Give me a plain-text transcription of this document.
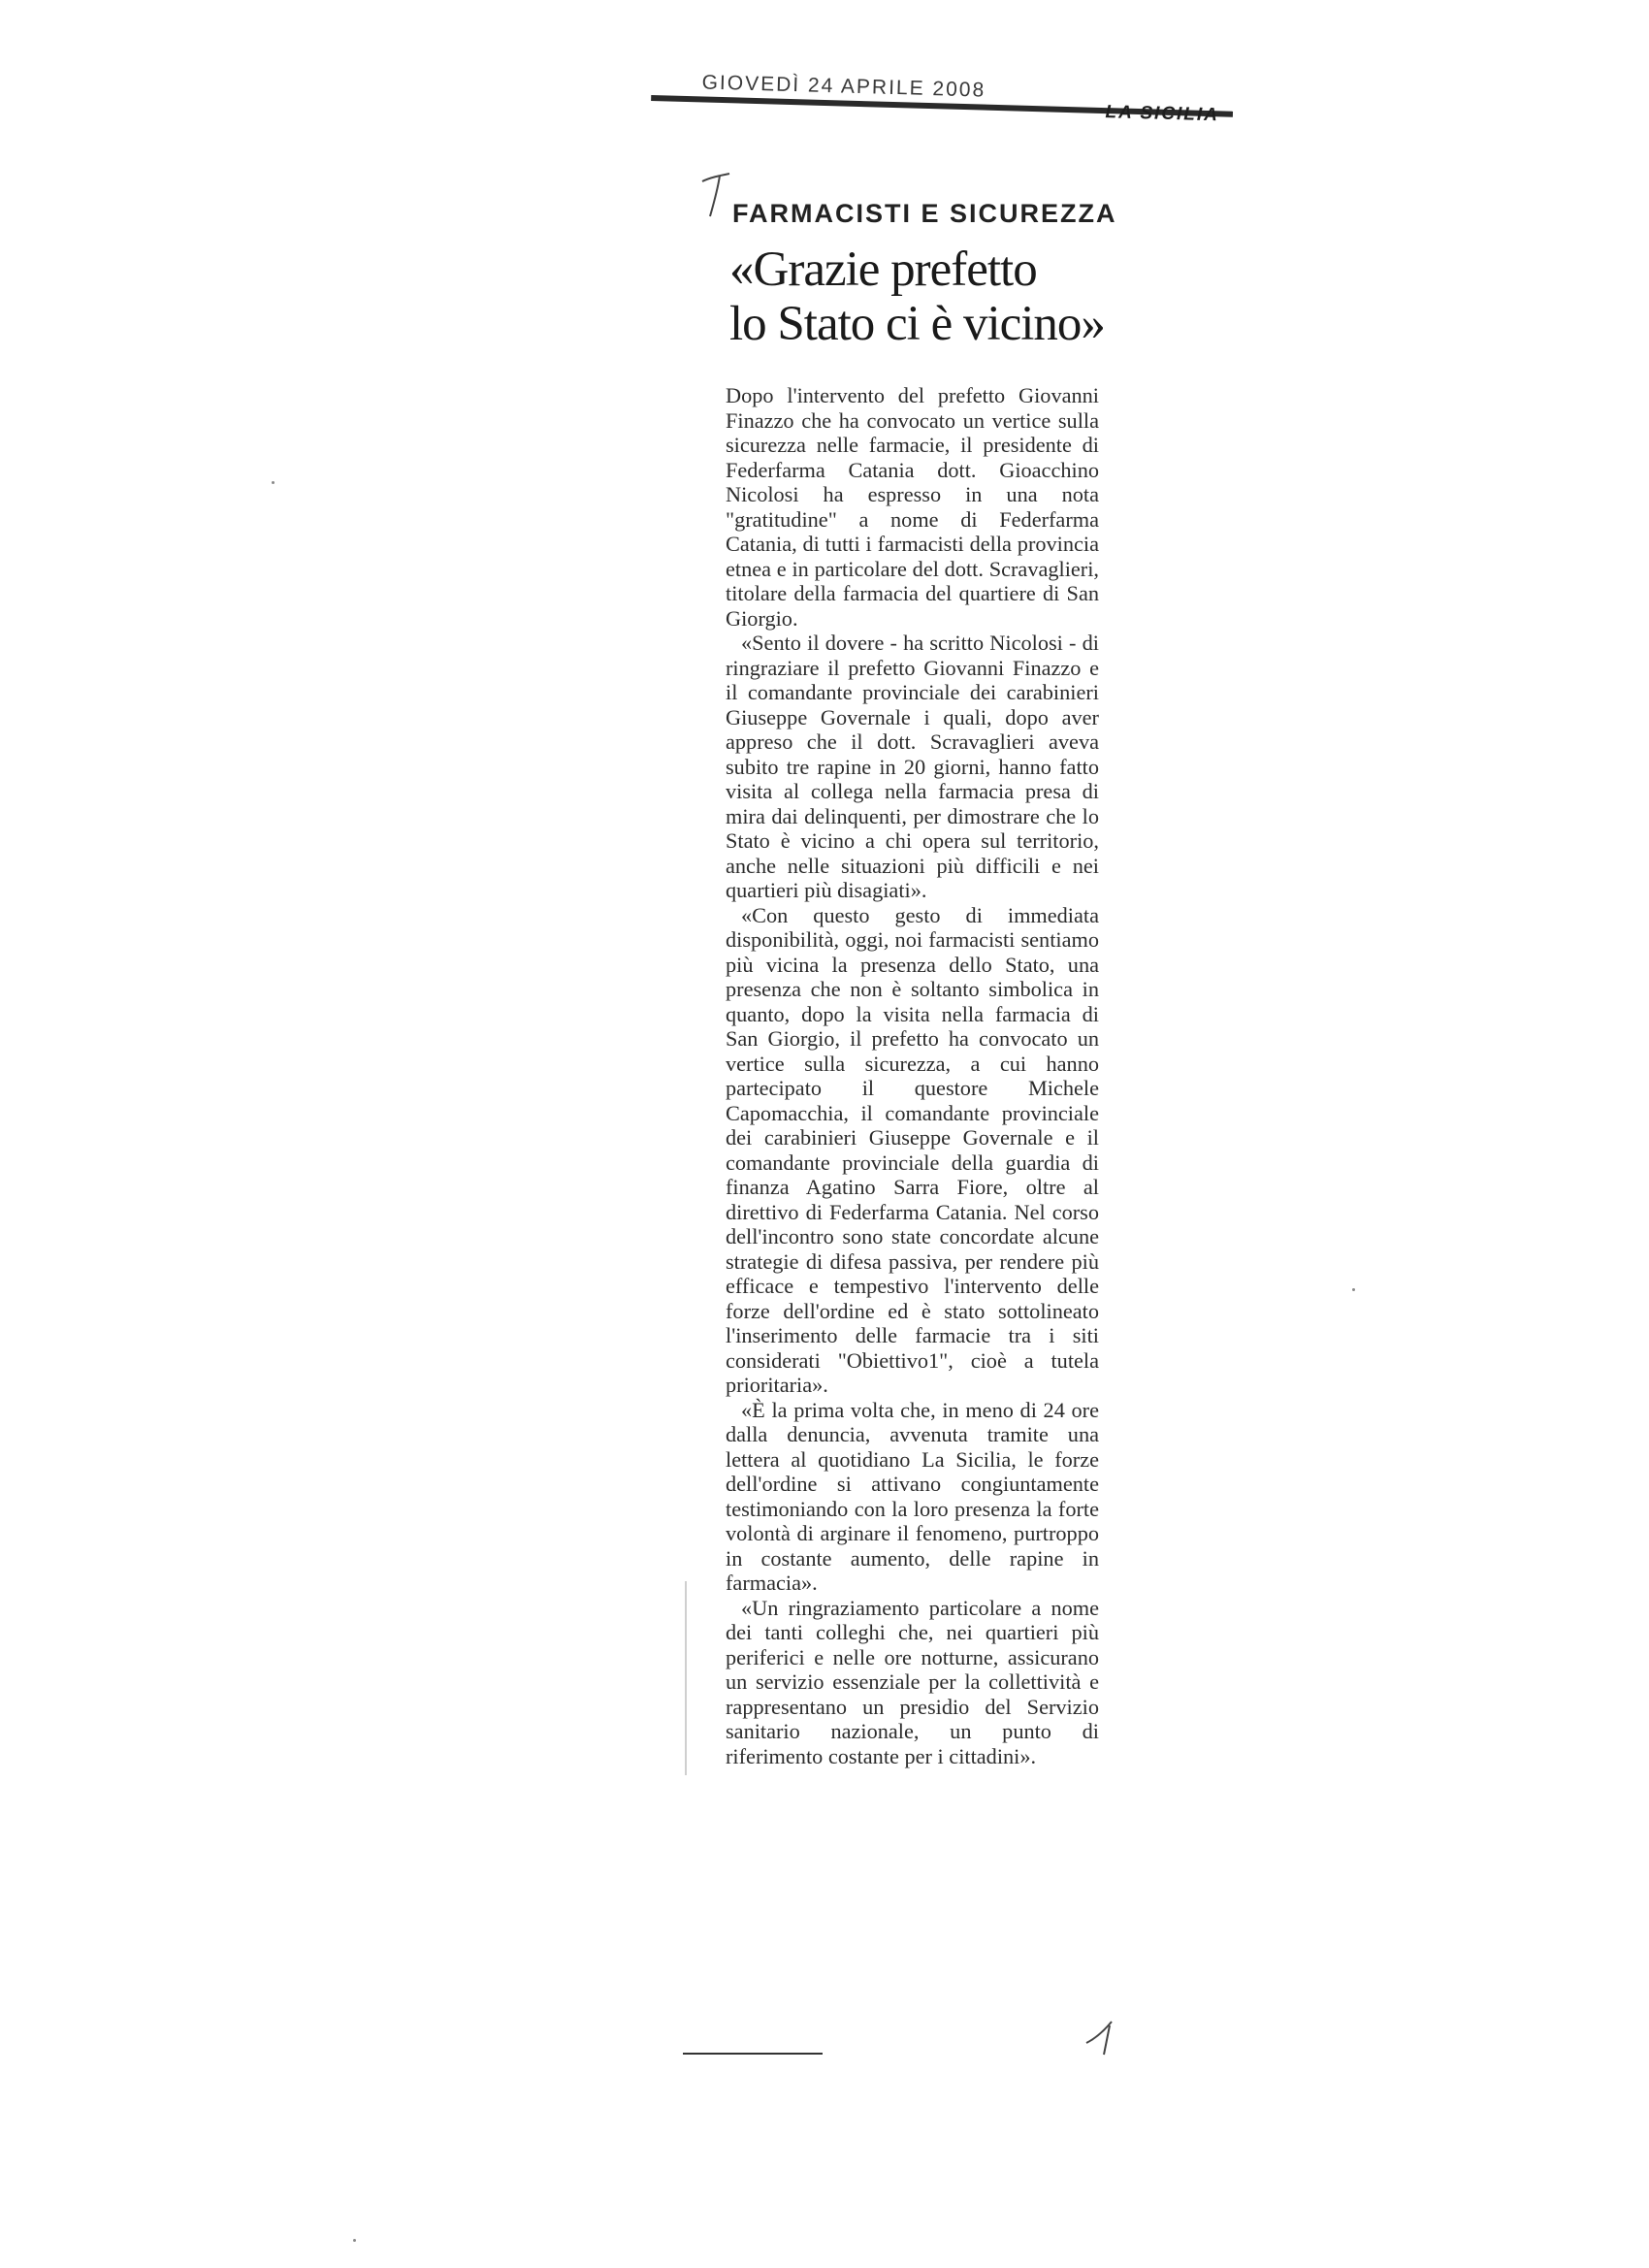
GIOVEDÌ 24 APRILE 2008
LA SICILIA
FARMACISTI E SICUREZZA
«Grazie prefetto
lo Stato ci è vicino»

Dopo l'intervento del prefetto Giovanni Finazzo che ha convocato un vertice sulla sicurezza nelle farmacie, il presidente di Federfarma Catania dott. Gioacchino Nicolosi ha espresso in una nota "gratitudine" a nome di Federfarma Catania, di tutti i farmacisti della provincia etnea e in particolare del dott. Scravaglieri, titolare della farmacia del quartiere di San Giorgio.

«Sento il dovere - ha scritto Nicolosi - di ringraziare il prefetto Giovanni Finazzo e il comandante provinciale dei carabinieri Giuseppe Governale i quali, dopo aver appreso che il dott. Scravaglieri aveva subito tre rapine in 20 giorni, hanno fatto visita al collega nella farmacia presa di mira dai delinquenti, per dimostrare che lo Stato è vicino a chi opera sul territorio, anche nelle situazioni più difficili e nei quartieri più disagiati».

«Con questo gesto di immediata disponibilità, oggi, noi farmacisti sentiamo più vicina la presenza dello Stato, una presenza che non è soltanto simbolica in quanto, dopo la visita nella farmacia di San Giorgio, il prefetto ha convocato un vertice sulla sicurezza, a cui hanno partecipato il questore Michele Capomacchia, il comandante provinciale dei carabinieri Giuseppe Governale e il comandante provinciale della guardia di finanza Agatino Sarra Fiore, oltre al direttivo di Federfarma Catania. Nel corso dell'incontro sono state concordate alcune strategie di difesa passiva, per rendere più efficace e tempestivo l'intervento delle forze dell'ordine ed è stato sottolineato l'inserimento delle farmacie tra i siti considerati "Obiettivo1", cioè a tutela prioritaria».

«È la prima volta che, in meno di 24 ore dalla denuncia, avvenuta tramite una lettera al quotidiano La Sicilia, le forze dell'ordine si attivano congiuntamente testimoniando con la loro presenza la forte volontà di arginare il fenomeno, purtroppo in costante aumento, delle rapine in farmacia».

«Un ringraziamento particolare a nome dei tanti colleghi che, nei quartieri più periferici e nelle ore notturne, assicurano un servizio essenziale per la collettività e rappresentano un presidio del Servizio sanitario nazionale, un punto di riferimento costante per i cittadini».
